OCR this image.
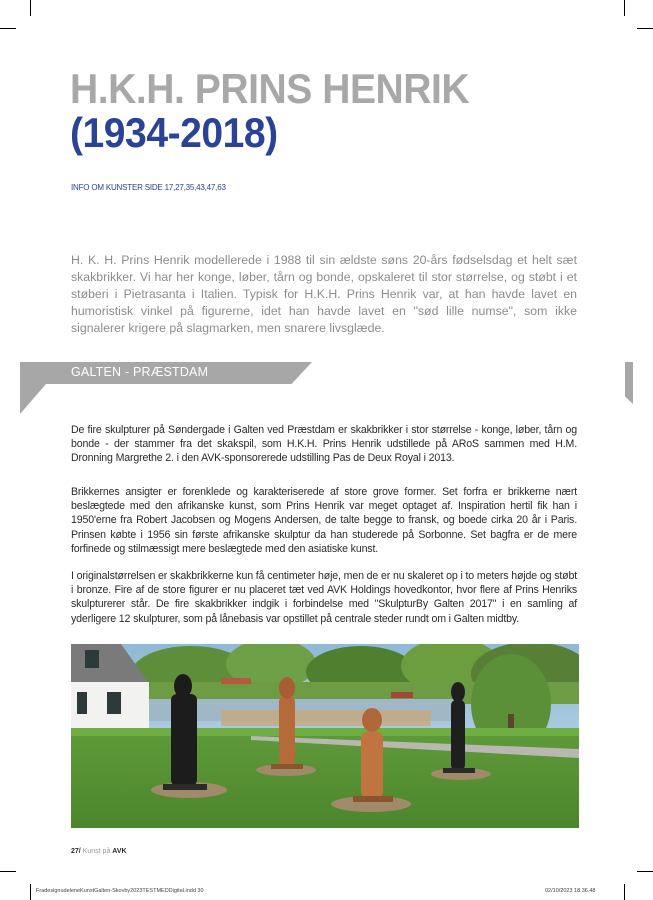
H.K.H. PRINS HENRIK
(1934-2018)
INFO OM KUNSTER SIDE 17,27,35,43,47,63

H. K. H. Prins Henrik modellerede i 1988 til sin ældste søns 20-års fødselsdag et helt sæt skakbrikker. Vi har her konge, løber, tårn og bonde, opskaleret til stor størrelse, og støbt i et støberi i Pietrasanta i Italien. Typisk for H.K.H. Prins Henrik var, at han havde lavet en humoristisk vinkel på figurerne, idet han havde lavet en "sød lille numse", som ikke signalerer krigere på slagmarken, men snarere livsglæde.

GALTEN - PRÆSTDAM
De fire skulpturer på Søndergade i Galten ved Præstdam er skakbrikker i stor størrelse - konge, løber, tårn og bonde - der stammer fra det skakspil, som H.K.H. Prins Henrik udstillede på ARoS sammen med H.M. Dronning Margrethe 2. i den AVK-sponsorerede udstilling Pas de Deux Royal i 2013.
Brikkernes ansigter er forenklede og karakteriserede af store grove former. Set forfra er brikkerne nært beslægtede med den afrikanske kunst, som Prins Henrik var meget optaget af. Inspiration hertil fik han i 1950'erne fra Robert Jacobsen og Mogens Andersen, de talte begge to fransk, og boede cirka 20 år i Paris. Prinsen købte i 1956 sin første afrikanske skulptur da han studerede på Sorbonne. Set bagfra er de mere forfinede og stilmæssigt mere beslægtede med den asiatiske kunst.
I originalstørrelsen er skakbrikkerne kun få centimeter høje, men de er nu skaleret op i to meters højde og støbt i bronze. Fire af de store figurer er nu placeret tæt ved AVK Holdings hovedkontor, hvor flere af Prins Henriks skulpturerer står. De fire skakbrikker indgik i forbindelse med "SkulpturBy Galten 2017" i en samling af yderligere 12 skulpturer, som på lånebasis var opstillet på centrale steder rundt om i Galten midtby.
27/ Kunst på AVK
FradesignudeleneKunstGalten-Skovby2023TESTMEDDigital.indd 30	02/10/2023 18.36.48
